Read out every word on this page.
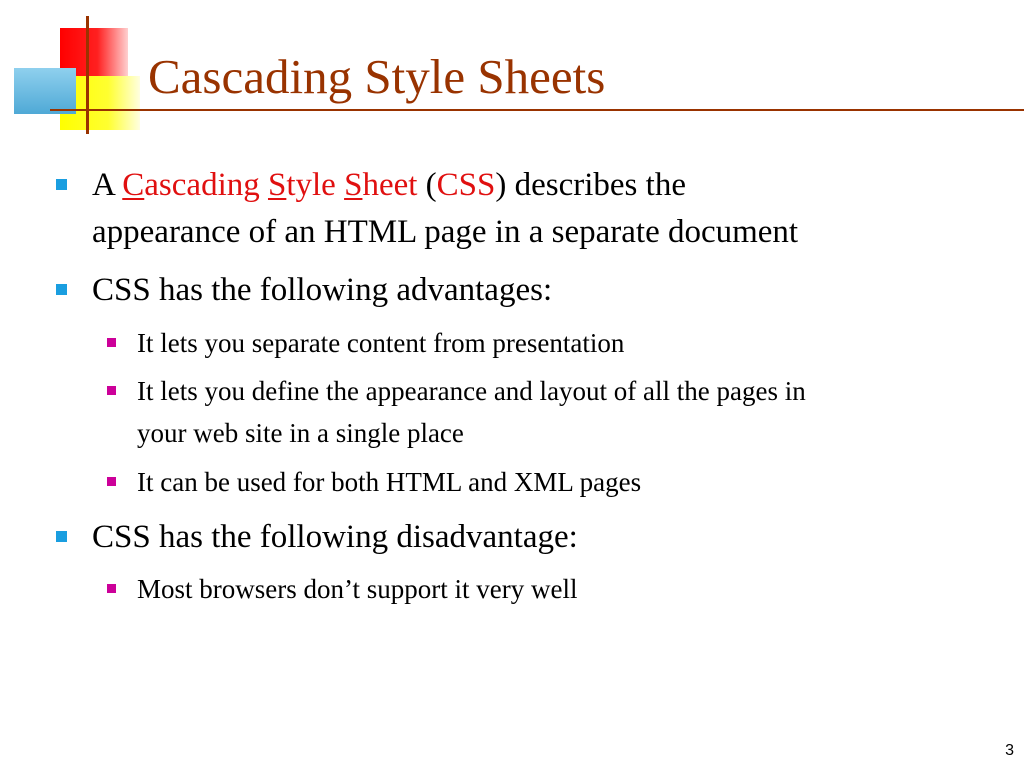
Cascading Style Sheets
A Cascading Style Sheet (CSS) describes the
appearance of an HTML page in a separate document
CSS has the following advantages:
It lets you separate content from presentation
It lets you define the appearance and layout of all the pages in
your web site in a single place
It can be used for both HTML and XML pages
CSS has the following disadvantage:
Most browsers don’t support it very well
3
